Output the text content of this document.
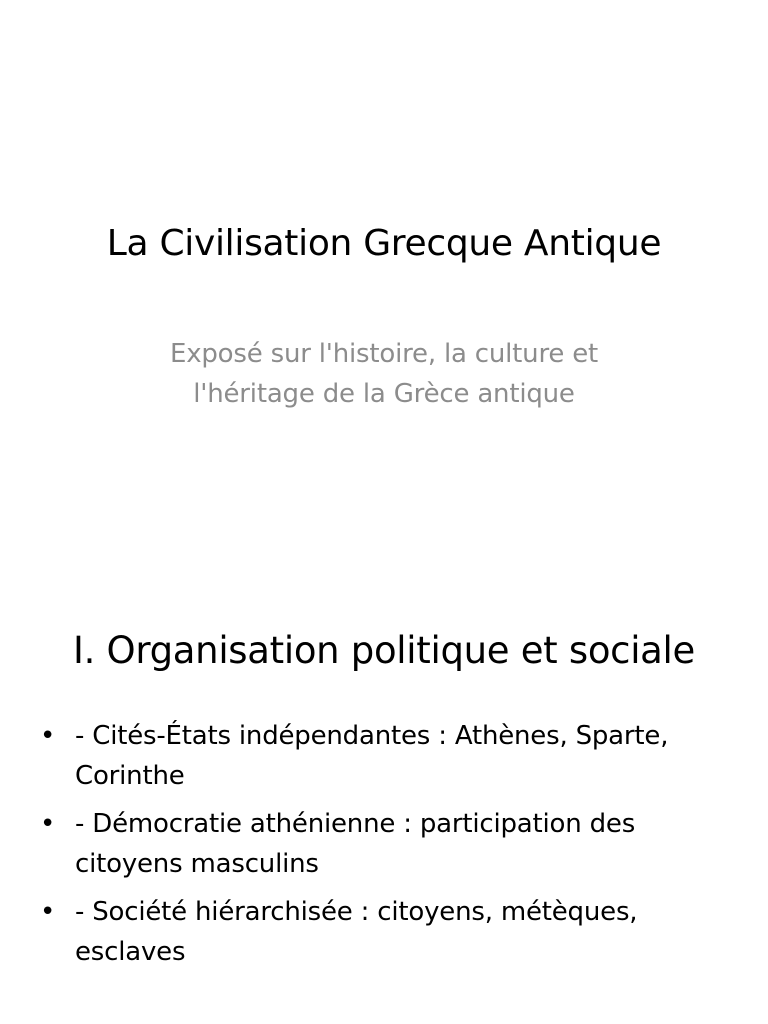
La Civilisation Grecque Antique
Exposé sur l'histoire, la culture et l'héritage de la Grèce antique
I. Organisation politique et sociale
• - Cités-États indépendantes : Athènes, Sparte, Corinthe
• - Démocratie athénienne : participation des citoyens masculins
• - Société hiérarchisée : citoyens, métèques, esclaves
